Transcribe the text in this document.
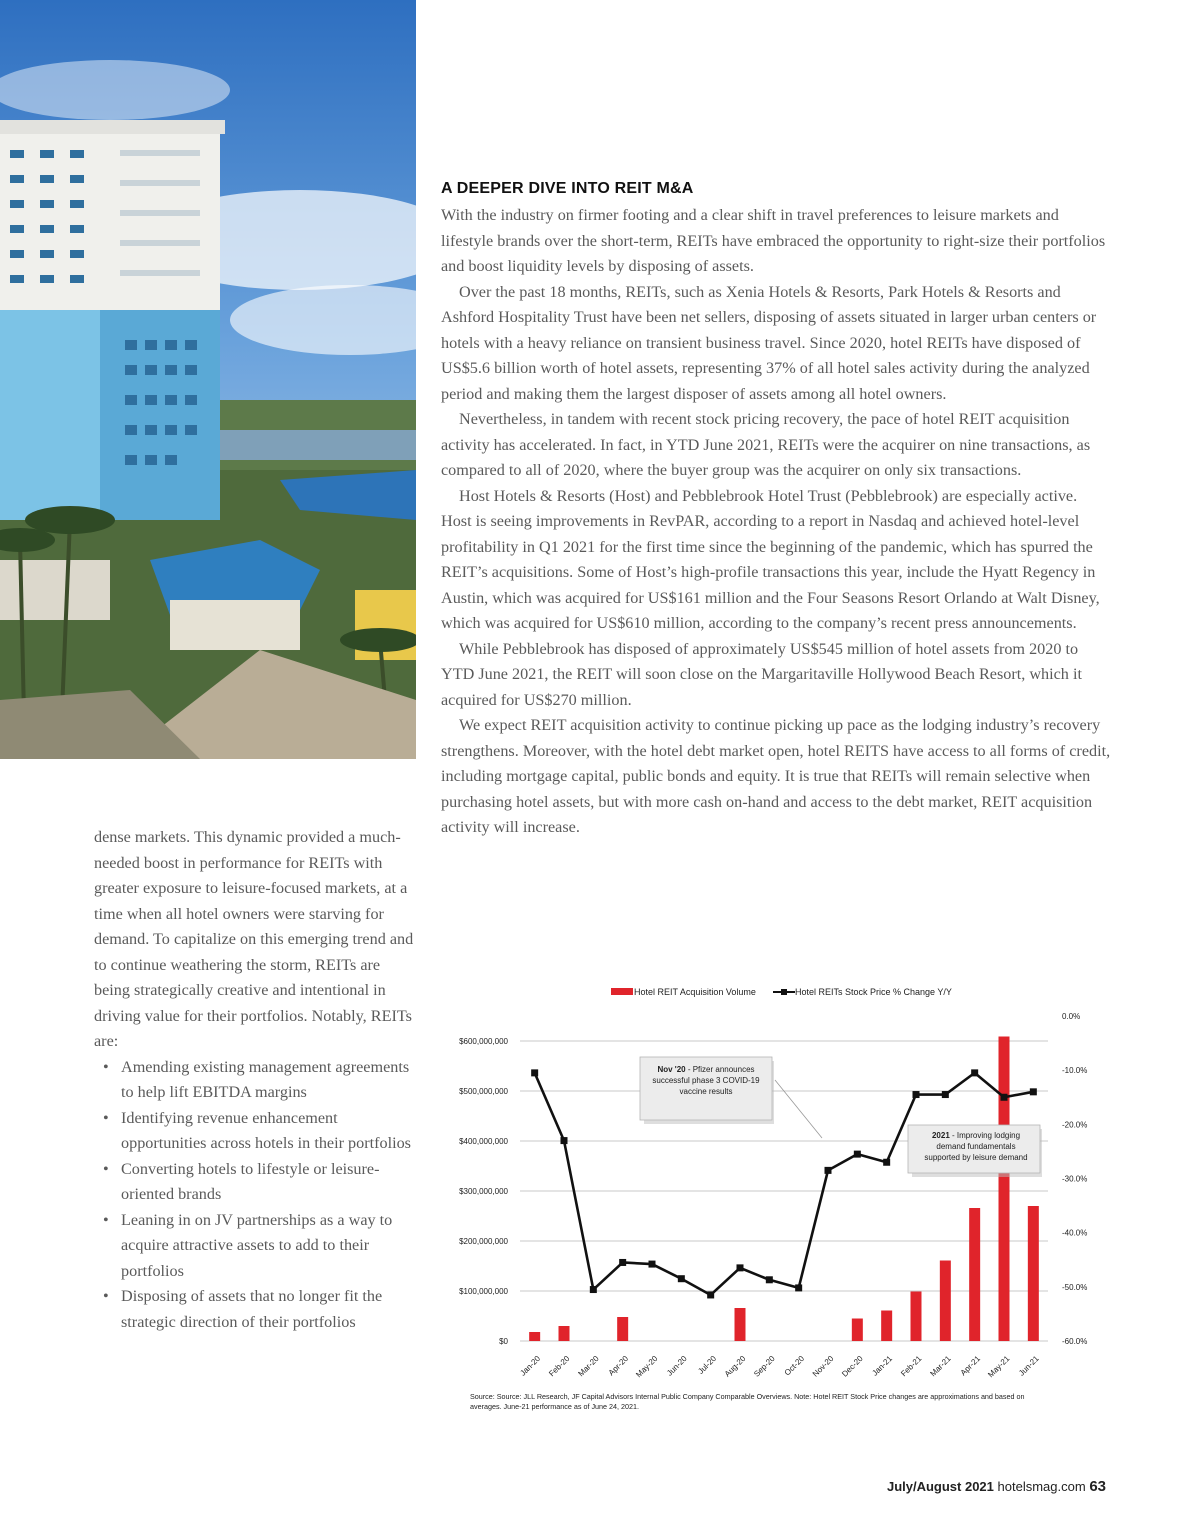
A DEEPER DIVE INTO REIT M&A

With the industry on firmer footing and a clear shift in travel preferences to leisure markets and lifestyle brands over the short-term, REITs have embraced the opportunity to right-size their portfolios and boost liquidity levels by disposing of assets.

Over the past 18 months, REITs, such as Xenia Hotels & Resorts, Park Hotels & Resorts and Ashford Hospitality Trust have been net sellers, disposing of assets situated in larger urban centers or hotels with a heavy reliance on transient business travel. Since 2020, hotel REITs have disposed of US$5.6 billion worth of hotel assets, representing 37% of all hotel sales activity during the analyzed period and making them the largest disposer of assets among all hotel owners.

Nevertheless, in tandem with recent stock pricing recovery, the pace of hotel REIT acquisition activity has accelerated. In fact, in YTD June 2021, REITs were the acquirer on nine transactions, as compared to all of 2020, where the buyer group was the acquirer on only six transactions.

Host Hotels & Resorts (Host) and Pebblebrook Hotel Trust (Pebblebrook) are especially active. Host is seeing improvements in RevPAR, according to a report in Nasdaq and achieved hotel-level profitability in Q1 2021 for the first time since the beginning of the pandemic, which has spurred the REIT’s acquisitions. Some of Host’s high-profile transactions this year, include the Hyatt Regency in Austin, which was acquired for US$161 million and the Four Seasons Resort Orlando at Walt Disney, which was acquired for US$610 million, according to the company’s recent press announcements.

While Pebblebrook has disposed of approximately US$545 million of hotel assets from 2020 to YTD June 2021, the REIT will soon close on the Margaritaville Hollywood Beach Resort, which it acquired for US$270 million.

We expect REIT acquisition activity to continue picking up pace as the lodging industry’s recovery strengthens. Moreover, with the hotel debt market open, hotel REITS have access to all forms of credit, including mortgage capital, public bonds and equity. It is true that REITs will remain selective when purchasing hotel assets, but with more cash on-hand and access to the debt market, REIT acquisition activity will increase.

dense markets. This dynamic provided a much-needed boost in performance for REITs with greater exposure to leisure-focused markets, at a time when all hotel owners were starving for demand. To capitalize on this emerging trend and to continue weathering the storm, REITs are being strategically creative and intentional in driving value for their portfolios. Notably, REITs are:

• Amending existing management agreements to help lift EBITDA margins
• Identifying revenue enhancement opportunities across hotels in their portfolios
• Converting hotels to lifestyle or leisure-oriented brands
• Leaning in on JV partnerships as a way to acquire attractive assets to add to their portfolios
• Disposing of assets that no longer fit the strategic direction of their portfolios
Hotel REIT Acquisition Volume	Hotel REITs Stock Price % Change Y/Y
$0
$100,000,000
$200,000,000
$300,000,000
$400,000,000
$500,000,000
$600,000,000
0.0%
-10.0%
-20.0%
-30.0%
-40.0%
-50.0%
-60.0%
Jan-20 Feb-20 Mar-20 Apr-20 May-20 Jun-20 Jul-20 Aug-20 Sep-20 Oct-20 Nov-20 Dec-20 Jan-21 Feb-21 Mar-21 Apr-21 May-21 Jun-21
Nov '20 - Pfizer announces
successful phase 3 COVID-19
vaccine results
2021 - Improving lodging
demand fundamentals
supported by leisure demand
Source: Source: JLL Research, JF Capital Advisors Internal Public Company Comparable Overviews. Note: Hotel REIT Stock Price changes are approximations and based on
averages. June-21 performance as of June 24, 2021.
July/August 2021 hotelsmag.com 63
